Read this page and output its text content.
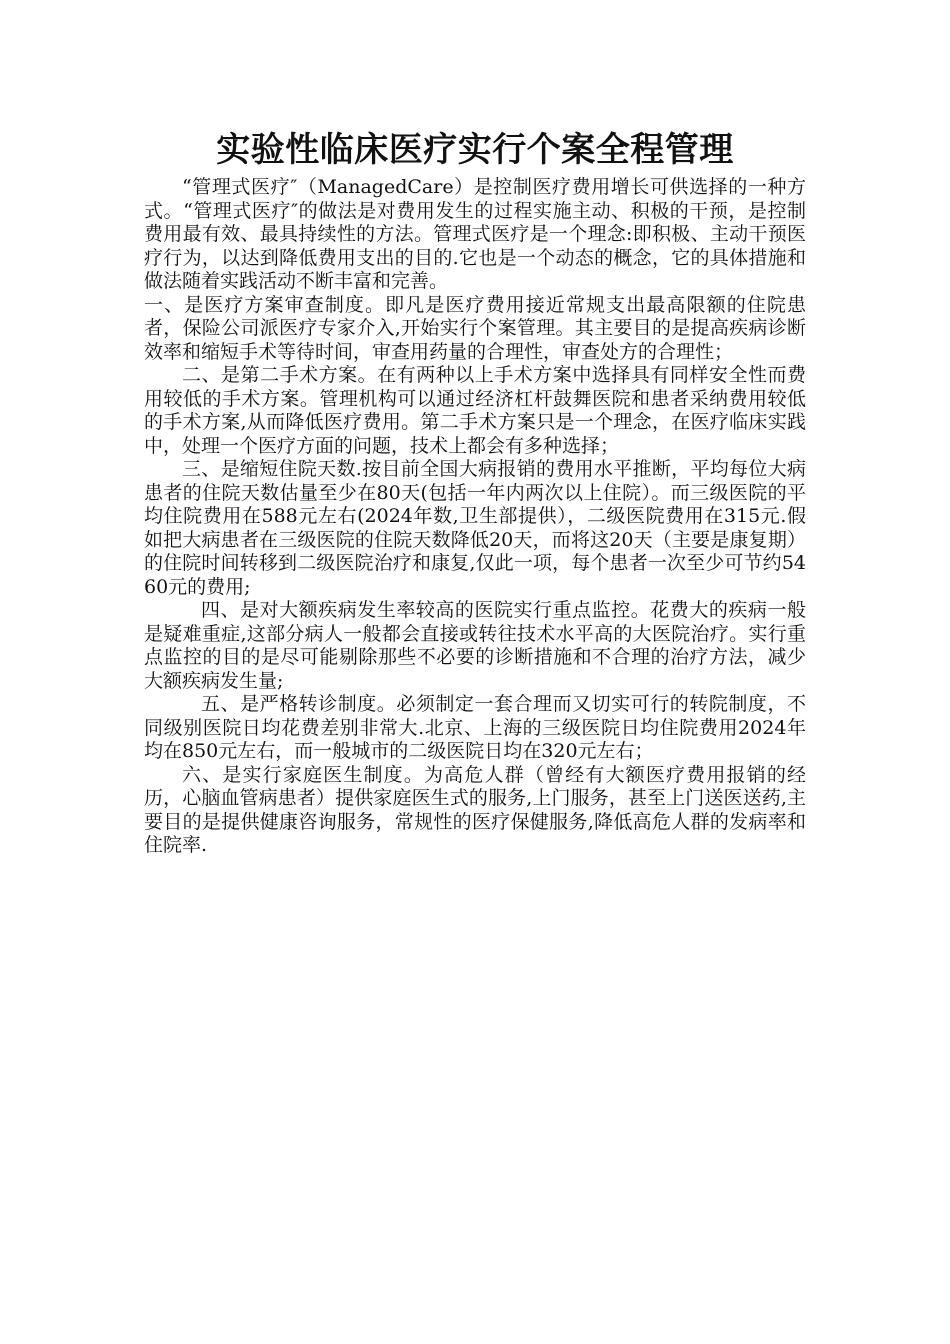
实验性临床医疗实行个案全程管理

“管理式医疗″（ManagedCare）是控制医疗费用增长可供选择的一种方式。“管理式医疗″的做法是对费用发生的过程实施主动、积极的干预，是控制费用最有效、最具持续性的方法。管理式医疗是一个理念:即积极、主动干预医疗行为，以达到降低费用支出的目的.它也是一个动态的概念，它的具体措施和做法随着实践活动不断丰富和完善。

一、是医疗方案审查制度。即凡是医疗费用接近常规支出最高限额的住院患者，保险公司派医疗专家介入,开始实行个案管理。其主要目的是提高疾病诊断效率和缩短手术等待时间，审查用药量的合理性，审查处方的合理性；

二、是第二手术方案。在有两种以上手术方案中选择具有同样安全性而费用较低的手术方案。管理机构可以通过经济杠杆鼓舞医院和患者采纳费用较低的手术方案,从而降低医疗费用。第二手术方案只是一个理念，在医疗临床实践中，处理一个医疗方面的问题，技术上都会有多种选择；

三、是缩短住院天数.按目前全国大病报销的费用水平推断，平均每位大病患者的住院天数估量至少在80天(包括一年内两次以上住院）。而三级医院的平均住院费用在588元左右(2024年数,卫生部提供），二级医院费用在315元.假如把大病患者在三级医院的住院天数降低20天，而将这20天（主要是康复期）的住院时间转移到二级医院治疗和康复,仅此一项，每个患者一次至少可节约5460元的费用;

四、是对大额疾病发生率较高的医院实行重点监控。花费大的疾病一般是疑难重症,这部分病人一般都会直接或转往技术水平高的大医院治疗。实行重点监控的目的是尽可能剔除那些不必要的诊断措施和不合理的治疗方法，减少大额疾病发生量;

五、是严格转诊制度。必须制定一套合理而又切实可行的转院制度，不同级别医院日均花费差别非常大.北京、上海的三级医院日均住院费用2024年均在850元左右，而一般城市的二级医院日均在320元左右；

六、是实行家庭医生制度。为高危人群（曾经有大额医疗费用报销的经历，心脑血管病患者）提供家庭医生式的服务,上门服务，甚至上门送医送药,主要目的是提供健康咨询服务，常规性的医疗保健服务,降低高危人群的发病率和住院率.
